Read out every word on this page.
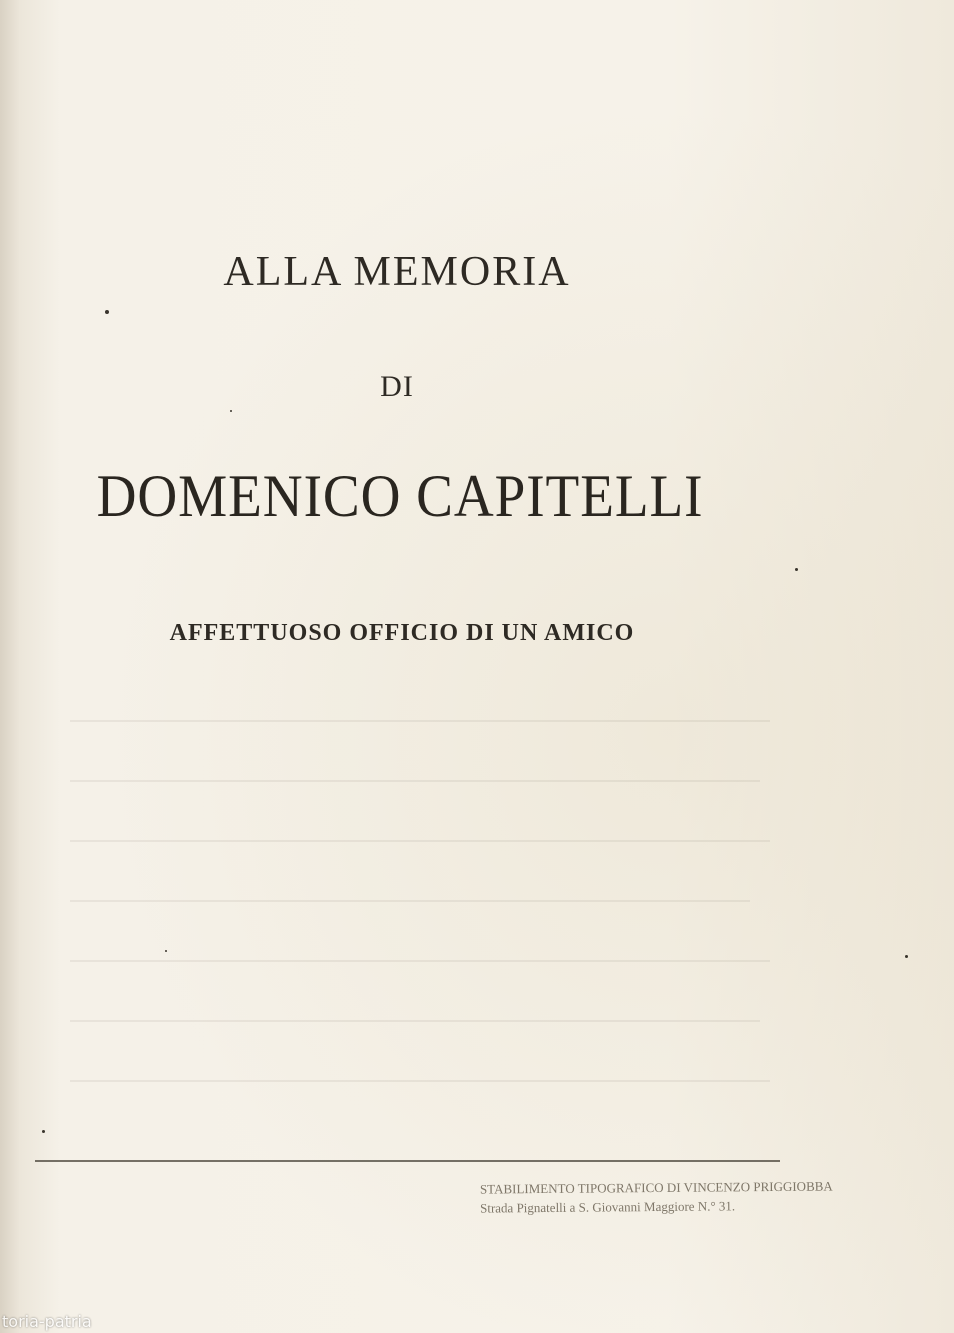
ALLA MEMORIA
DI
DOMENICO CAPITELLI
AFFETTUOSO OFFICIO DI UN AMICO
STABILIMENTO TIPOGRAFICO DI VINCENZO PRIGGIOBBA
Strada Pignatelli a S. Giovanni Maggiore N.° 31.
toria-patria
